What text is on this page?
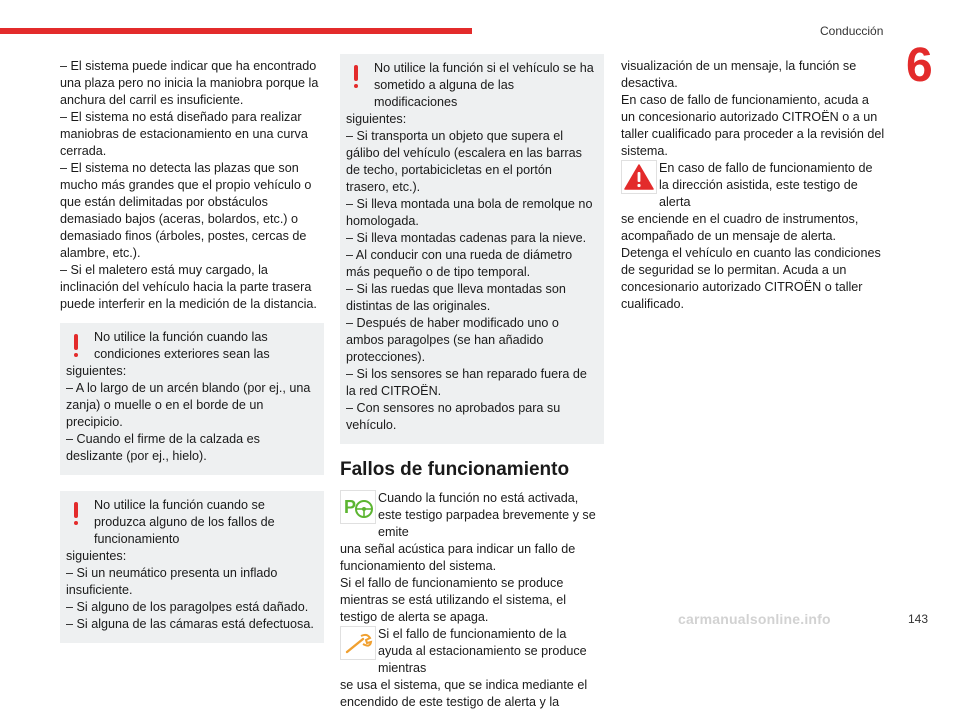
Conducción
6

– El sistema puede indicar que ha encontrado una plaza pero no inicia la maniobra porque la anchura del carril es insuficiente.

– El sistema no está diseñado para realizar maniobras de estacionamiento en una curva cerrada.

– El sistema no detecta las plazas que son mucho más grandes que el propio vehículo o que están delimitadas por obstáculos demasiado bajos (aceras, bolardos, etc.) o demasiado finos (árboles, postes, cercas de alambre, etc.).

– Si el maletero está muy cargado, la inclinación del vehículo hacia la parte trasera puede interferir en la medición de la distancia.

No utilice la función cuando las condiciones exteriores sean las

siguientes:

– A lo largo de un arcén blando (por ej., una zanja) o muelle o en el borde de un precipicio.

– Cuando el firme de la calzada es deslizante (por ej., hielo).

No utilice la función cuando se produzca alguno de los fallos de funcionamiento

siguientes:

– Si un neumático presenta un inflado insuficiente.

– Si alguno de los paragolpes está dañado.

– Si alguna de las cámaras está defectuosa.

No utilice la función si el vehículo se ha sometido a alguna de las modificaciones

siguientes:

– Si transporta un objeto que supera el gálibo del vehículo (escalera en las barras de techo, portabicicletas en el portón trasero, etc.).

– Si lleva montada una bola de remolque no homologada.

– Si lleva montadas cadenas para la nieve.

– Al conducir con una rueda de diámetro más pequeño o de tipo temporal.

– Si las ruedas que lleva montadas son distintas de las originales.

– Después de haber modificado uno o ambos paragolpes (se han añadido protecciones).

– Si los sensores se han reparado fuera de la red CITROËN.

– Con sensores no aprobados para su vehículo.

Fallos de funcionamiento
P Cuando la función no está activada, este testigo parpadea brevemente y se emite

una señal acústica para indicar un fallo de funcionamiento del sistema.

Si el fallo de funcionamiento se produce mientras se está utilizando el sistema, el testigo de alerta se apaga.

Si el fallo de funcionamiento de la ayuda al estacionamiento se produce mientras

se usa el sistema, que se indica mediante el encendido de este testigo de alerta y la

visualización de un mensaje, la función se desactiva.

En caso de fallo de funcionamiento, acuda a un concesionario autorizado CITROËN o a un taller cualificado para proceder a la revisión del sistema.

En caso de fallo de funcionamiento de la dirección asistida, este testigo de alerta

se enciende en el cuadro de instrumentos, acompañado de un mensaje de alerta.

Detenga el vehículo en cuanto las condiciones de seguridad se lo permitan. Acuda a un concesionario autorizado CITROËN o taller cualificado.

carmanualsonline.info	143
